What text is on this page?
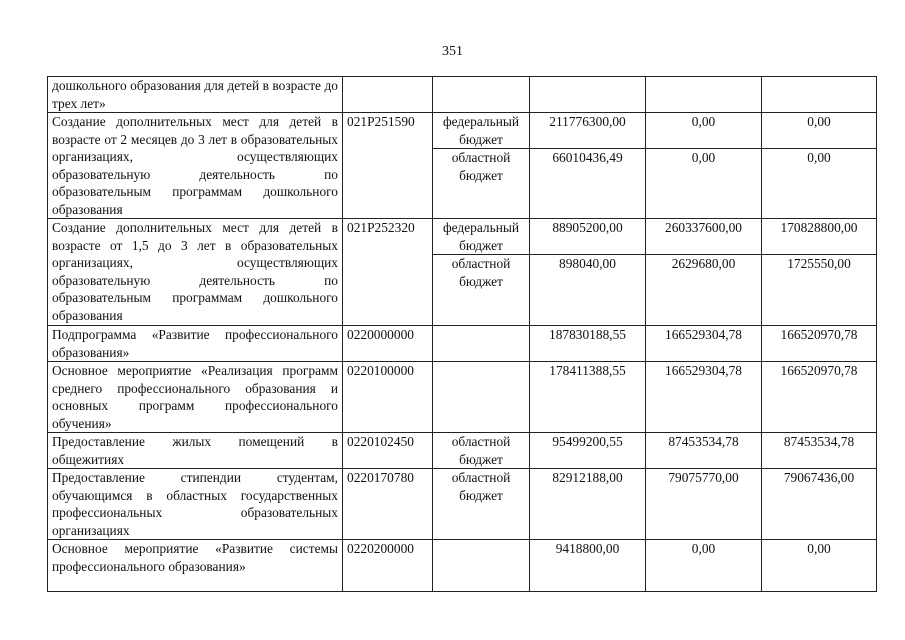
351
дошкольного образования для детей в возрасте до трех лет»					
Создание дополнительных мест для детей в возрасте от 2 месяцев до 3 лет в образовательных организациях, осуществляющих образовательную деятельность по образовательным программам дошкольного образования	021P251590	федеральный бюджет	211776300,00	0,00	0,00
		областной бюджет	66010436,49	0,00	0,00
Создание дополнительных мест для детей в возрасте от 1,5 до 3 лет в образовательных организациях, осуществляющих образовательную деятельность по образовательным программам дошкольного образования	021P252320	федеральный бюджет	88905200,00	260337600,00	170828800,00
		областной бюджет	898040,00	2629680,00	1725550,00
Подпрограмма «Развитие профессионального образования»	0220000000		187830188,55	166529304,78	166520970,78
Основное мероприятие «Реализация программ среднего профессионального образования и основных программ профессионального обучения»	0220100000		178411388,55	166529304,78	166520970,78
Предоставление жилых помещений в общежитиях	0220102450	областной бюджет	95499200,55	87453534,78	87453534,78
Предоставление стипендии студентам, обучающимся в областных государственных профессиональных образовательных организациях	0220170780	областной бюджет	82912188,00	79075770,00	79067436,00
Основное мероприятие «Развитие системы профессионального образования»	0220200000		9418800,00	0,00	0,00
